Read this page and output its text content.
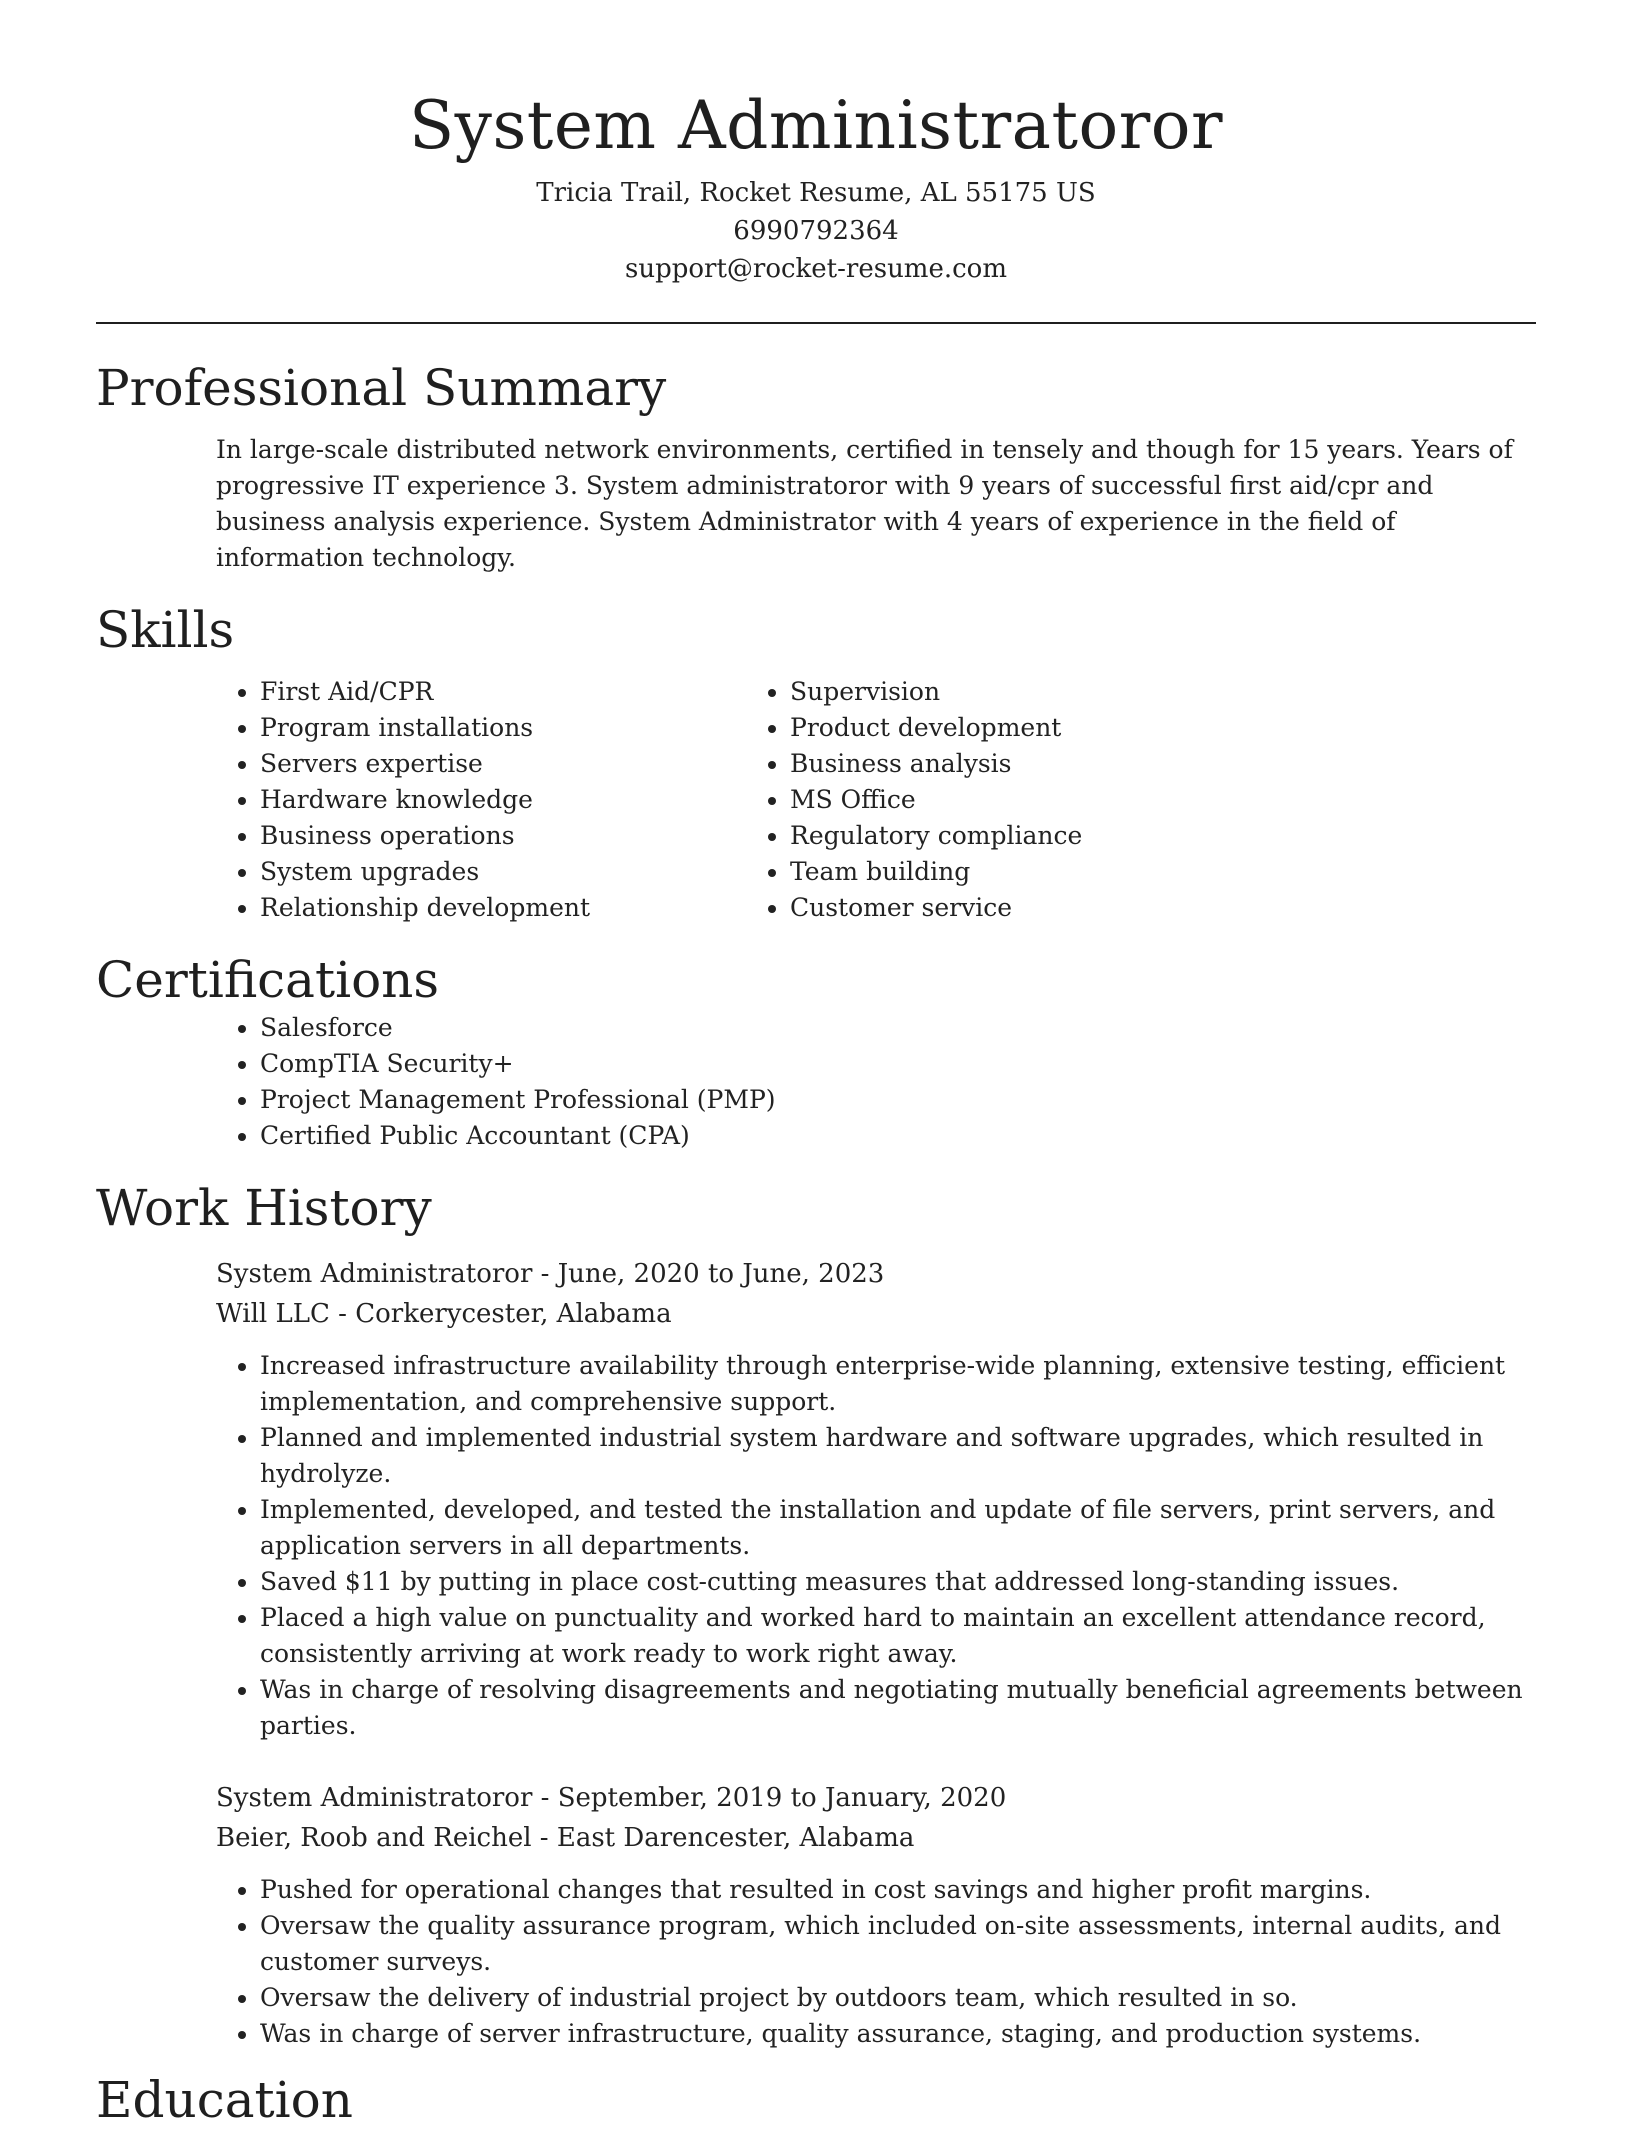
System Administratoror
Tricia Trail, Rocket Resume, AL 55175 US
6990792364
support@rocket-resume.com
Professional Summary
In large-scale distributed network environments, certified in tensely and though for 15 years. Years of progressive IT experience 3. System administratoror with 9 years of successful first aid/cpr and business analysis experience. System Administrator with 4 years of experience in the field of information technology.
Skills
• First Aid/CPR
• Program installations
• Servers expertise
• Hardware knowledge
• Business operations
• System upgrades
• Relationship development
• Supervision
• Product development
• Business analysis
• MS Office
• Regulatory compliance
• Team building
• Customer service
Certifications
• Salesforce
• CompTIA Security+
• Project Management Professional (PMP)
• Certified Public Accountant (CPA)
Work History
System Administratoror - June, 2020 to June, 2023
Will LLC - Corkerycester, Alabama
• Increased infrastructure availability through enterprise-wide planning, extensive testing, efficient implementation, and comprehensive support.
• Planned and implemented industrial system hardware and software upgrades, which resulted in hydrolyze.
• Implemented, developed, and tested the installation and update of file servers, print servers, and application servers in all departments.
• Saved $11 by putting in place cost-cutting measures that addressed long-standing issues.
• Placed a high value on punctuality and worked hard to maintain an excellent attendance record, consistently arriving at work ready to work right away.
• Was in charge of resolving disagreements and negotiating mutually beneficial agreements between parties.
System Administratoror - September, 2019 to January, 2020
Beier, Roob and Reichel - East Darencester, Alabama
• Pushed for operational changes that resulted in cost savings and higher profit margins.
• Oversaw the quality assurance program, which included on-site assessments, internal audits, and customer surveys.
• Oversaw the delivery of industrial project by outdoors team, which resulted in so.
• Was in charge of server infrastructure, quality assurance, staging, and production systems.
Education
